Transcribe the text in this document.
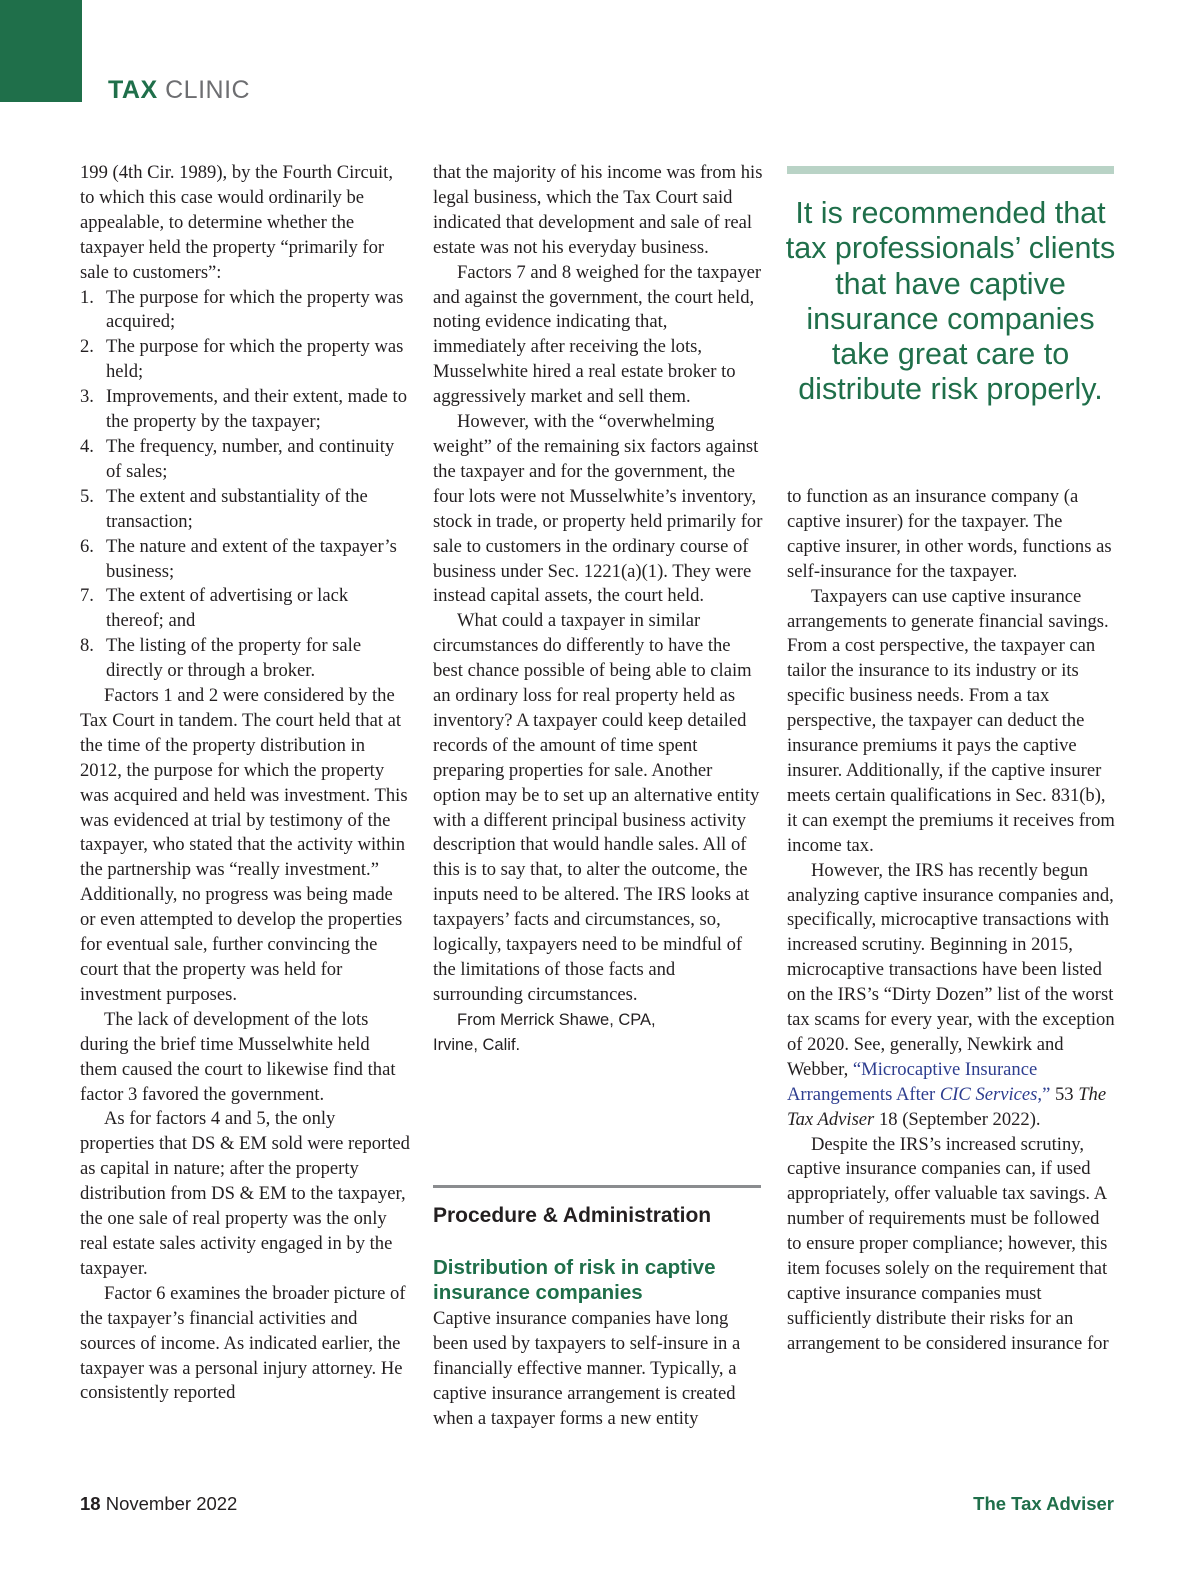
TAX CLINIC

199 (4th Cir. 1989), by the Fourth Circuit, to which this case would ordinarily be appealable, to determine whether the taxpayer held the property “primarily for sale to customers”:

1. The purpose for which the property was acquired;
2. The purpose for which the property was held;
3. Improvements, and their extent, made to the property by the taxpayer;
4. The frequency, number, and continuity of sales;
5. The extent and substantiality of the transaction;
6. The nature and extent of the taxpayer’s business;
7. The extent of advertising or lack thereof; and
8. The listing of the property for sale directly or through a broker.

Factors 1 and 2 were considered by the Tax Court in tandem. The court held that at the time of the property distribution in 2012, the purpose for which the property was acquired and held was investment. This was evidenced at trial by testimony of the taxpayer, who stated that the activity within the partnership was “really investment.” Additionally, no progress was being made or even attempted to develop the properties for eventual sale, further convincing the court that the property was held for investment purposes.

The lack of development of the lots during the brief time Musselwhite held them caused the court to likewise find that factor 3 favored the government.

As for factors 4 and 5, the only properties that DS & EM sold were reported as capital in nature; after the property distribution from DS & EM to the taxpayer, the one sale of real property was the only real estate sales activity engaged in by the taxpayer.

Factor 6 examines the broader picture of the taxpayer’s financial activities and sources of income. As indicated earlier, the taxpayer was a personal injury attorney. He consistently reported

that the majority of his income was from his legal business, which the Tax Court said indicated that development and sale of real estate was not his everyday business.

Factors 7 and 8 weighed for the taxpayer and against the government, the court held, noting evidence indicating that, immediately after receiving the lots, Musselwhite hired a real estate broker to aggressively market and sell them.

However, with the “overwhelming weight” of the remaining six factors against the taxpayer and for the government, the four lots were not Musselwhite’s inventory, stock in trade, or property held primarily for sale to customers in the ordinary course of business under Sec. 1221(a)(1). They were instead capital assets, the court held.

What could a taxpayer in similar circumstances do differently to have the best chance possible of being able to claim an ordinary loss for real property held as inventory? A taxpayer could keep detailed records of the amount of time spent preparing properties for sale. Another option may be to set up an alternative entity with a different principal business activity description that would handle sales. All of this is to say that, to alter the outcome, the inputs need to be altered. The IRS looks at taxpayers’ facts and circumstances, so, logically, taxpayers need to be mindful of the limitations of those facts and surrounding circumstances.

From Merrick Shawe, CPA,

Irvine, Calif.

Procedure & Administration
Distribution of risk in captive insurance companies

Captive insurance companies have long been used by taxpayers to self-insure in a financially effective manner. Typically, a captive insurance arrangement is created when a taxpayer forms a new entity

It is recommended that tax professionals’ clients that have captive insurance companies take great care to distribute risk properly.

to function as an insurance company (a captive insurer) for the taxpayer. The captive insurer, in other words, functions as self-insurance for the taxpayer.

Taxpayers can use captive insurance arrangements to generate financial savings. From a cost perspective, the taxpayer can tailor the insurance to its industry or its specific business needs. From a tax perspective, the taxpayer can deduct the insurance premiums it pays the captive insurer. Additionally, if the captive insurer meets certain qualifications in Sec. 831(b), it can exempt the premiums it receives from income tax.

However, the IRS has recently begun analyzing captive insurance companies and, specifically, microcaptive transactions with increased scrutiny. Beginning in 2015, microcaptive transactions have been listed on the IRS’s “Dirty Dozen” list of the worst tax scams for every year, with the exception of 2020. See, generally, Newkirk and Webber, “Microcaptive Insurance Arrangements After CIC Services,” 53 The Tax Adviser 18 (September 2022).

Despite the IRS’s increased scrutiny, captive insurance companies can, if used appropriately, offer valuable tax savings. A number of requirements must be followed to ensure proper compliance; however, this item focuses solely on the requirement that captive insurance companies must sufficiently distribute their risks for an arrangement to be considered insurance for

18 November 2022	The Tax Adviser
